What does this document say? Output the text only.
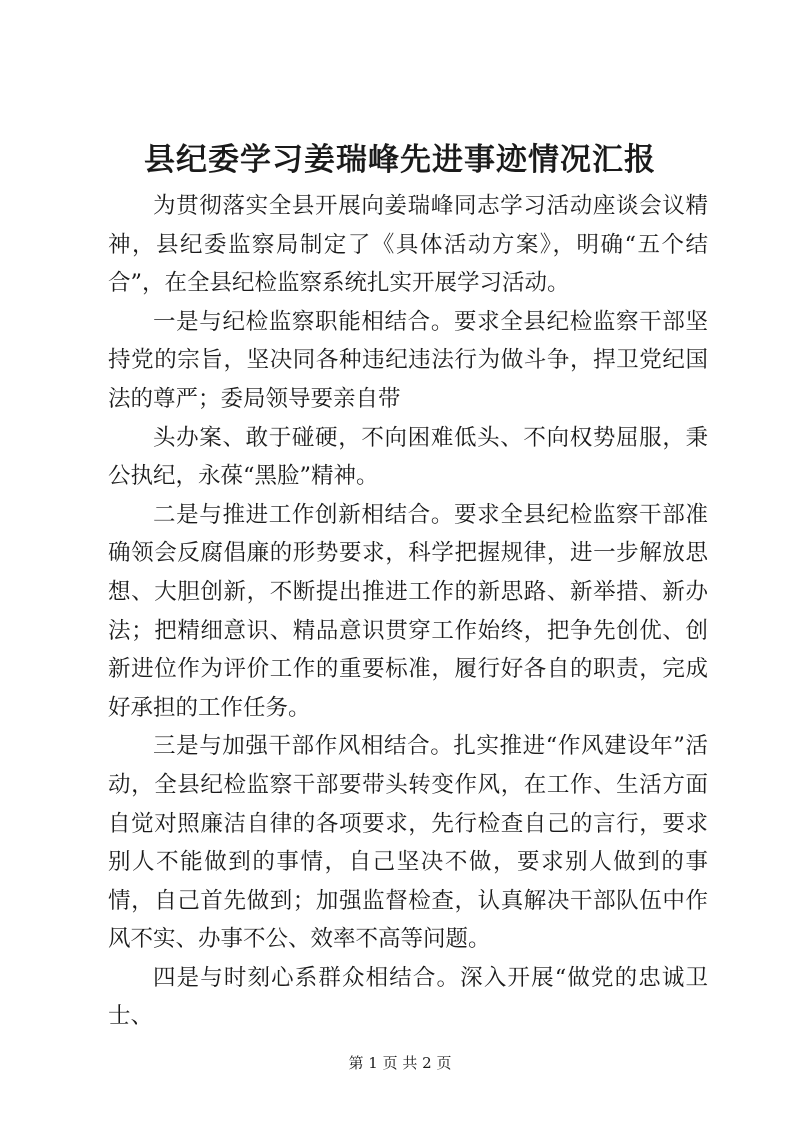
县纪委学习姜瑞峰先进事迹情况汇报

为贯彻落实全县开展向姜瑞峰同志学习活动座谈会议精神，县纪委监察局制定了《具体活动方案》，明确“五个结合”，在全县纪检监察系统扎实开展学习活动。

一是与纪检监察职能相结合。要求全县纪检监察干部坚持党的宗旨，坚决同各种违纪违法行为做斗争，捍卫党纪国法的尊严；委局领导要亲自带

头办案、敢于碰硬，不向困难低头、不向权势屈服，秉公执纪，永葆“黑脸”精神。

二是与推进工作创新相结合。要求全县纪检监察干部准确领会反腐倡廉的形势要求，科学把握规律，进一步解放思想、大胆创新，不断提出推进工作的新思路、新举措、新办法；把精细意识、精品意识贯穿工作始终，把争先创优、创新进位作为评价工作的重要标准，履行好各自的职责，完成好承担的工作任务。

三是与加强干部作风相结合。扎实推进“作风建设年”活动，全县纪检监察干部要带头转变作风，在工作、生活方面自觉对照廉洁自律的各项要求，先行检查自己的言行，要求别人不能做到的事情，自己坚决不做，要求别人做到的事情，自己首先做到；加强监督检查，认真解决干部队伍中作风不实、办事不公、效率不高等问题。

四是与时刻心系群众相结合。深入开展“做党的忠诚卫士、

第 1 页 共 2 页
